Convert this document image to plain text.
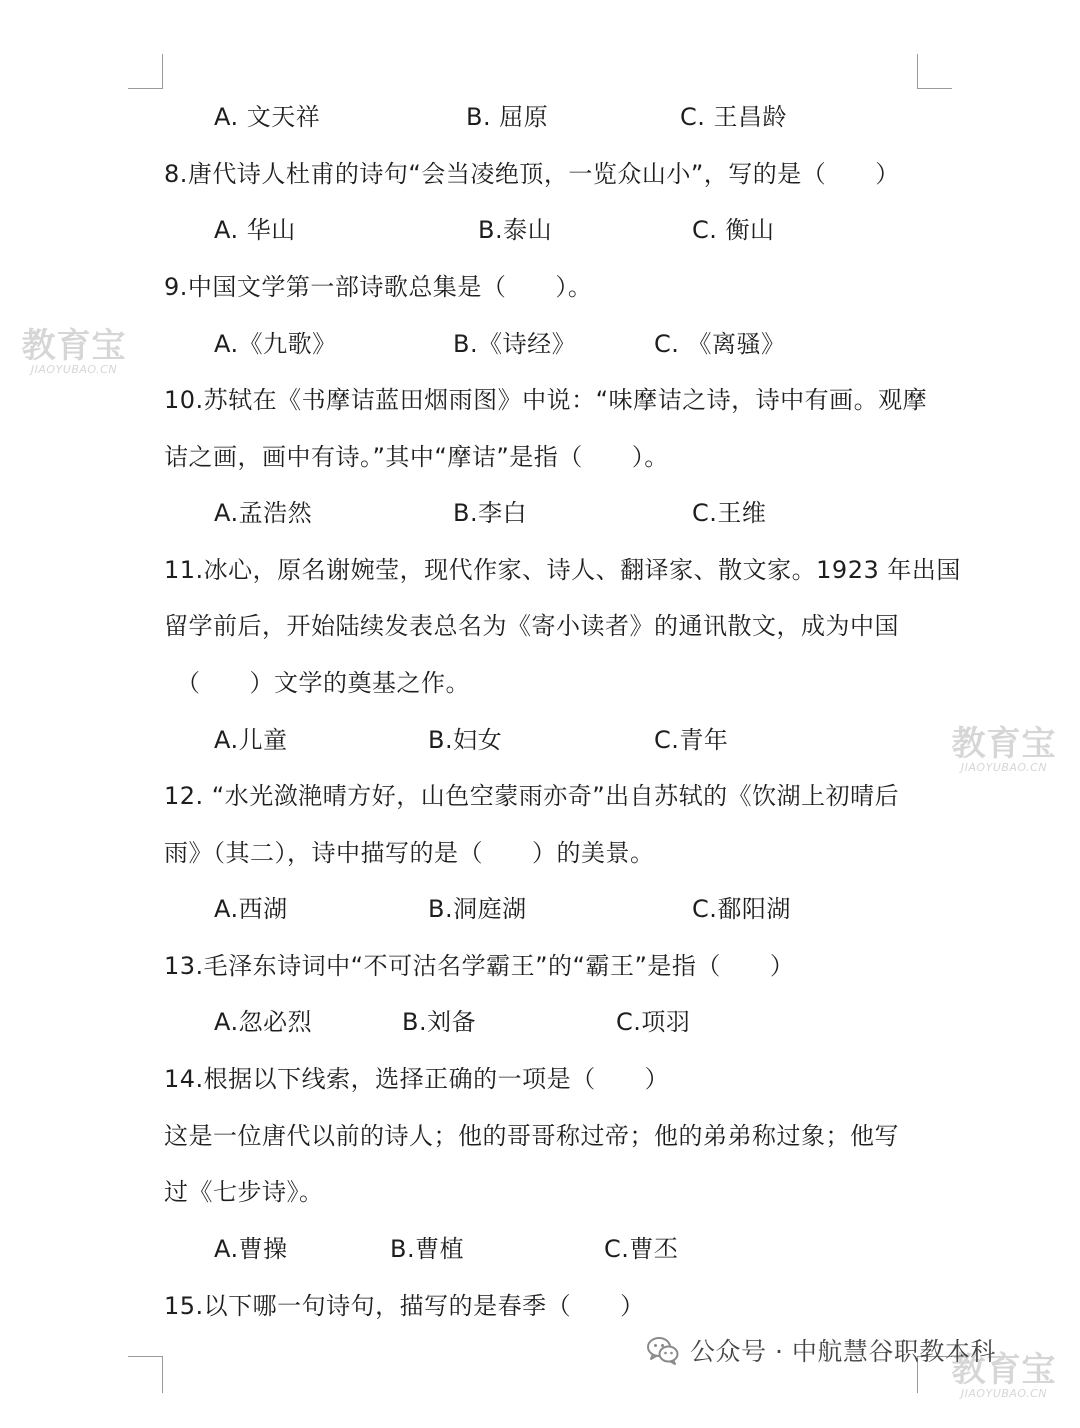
教育宝
JIAOYUBAO.CN
教育宝
JIAOYUBAO.CN
教育宝
JIAOYUBAO.CN
A. 文天祥	B. 屈原	C. 王昌龄
8.唐代诗人杜甫的诗句“会当凌绝顶，一览众山小”，写的是（　　）
A. 华山	B.泰山	C. 衡山
9.中国文学第一部诗歌总集是（　　）。
A.《九歌》	B.《诗经》	C. 《离骚》
10.苏轼在《书摩诘蓝田烟雨图》中说：“味摩诘之诗，诗中有画。观摩
诘之画，画中有诗。”其中“摩诘”是指（　　）。
A.孟浩然	B.李白	C.王维
11.冰心，原名谢婉莹，现代作家、诗人、翻译家、散文家。1923 年出国
留学前后，开始陆续发表总名为《寄小读者》的通讯散文，成为中国
（　　）文学的奠基之作。
A.儿童	B.妇女	C.青年
12. “水光潋滟晴方好，山色空蒙雨亦奇”出自苏轼的《饮湖上初晴后
雨》（其二），诗中描写的是（　　）的美景。
A.西湖	B.洞庭湖	C.鄱阳湖
13.毛泽东诗词中“不可沽名学霸王”的“霸王”是指（　　）
A.忽必烈	B.刘备	C.项羽
14.根据以下线索，选择正确的一项是（　　）
这是一位唐代以前的诗人；他的哥哥称过帝；他的弟弟称过象；他写
过《七步诗》。
A.曹操	B.曹植	C.曹丕
15.以下哪一句诗句，描写的是春季（　　）
公众号 · 中航慧谷职教本科
